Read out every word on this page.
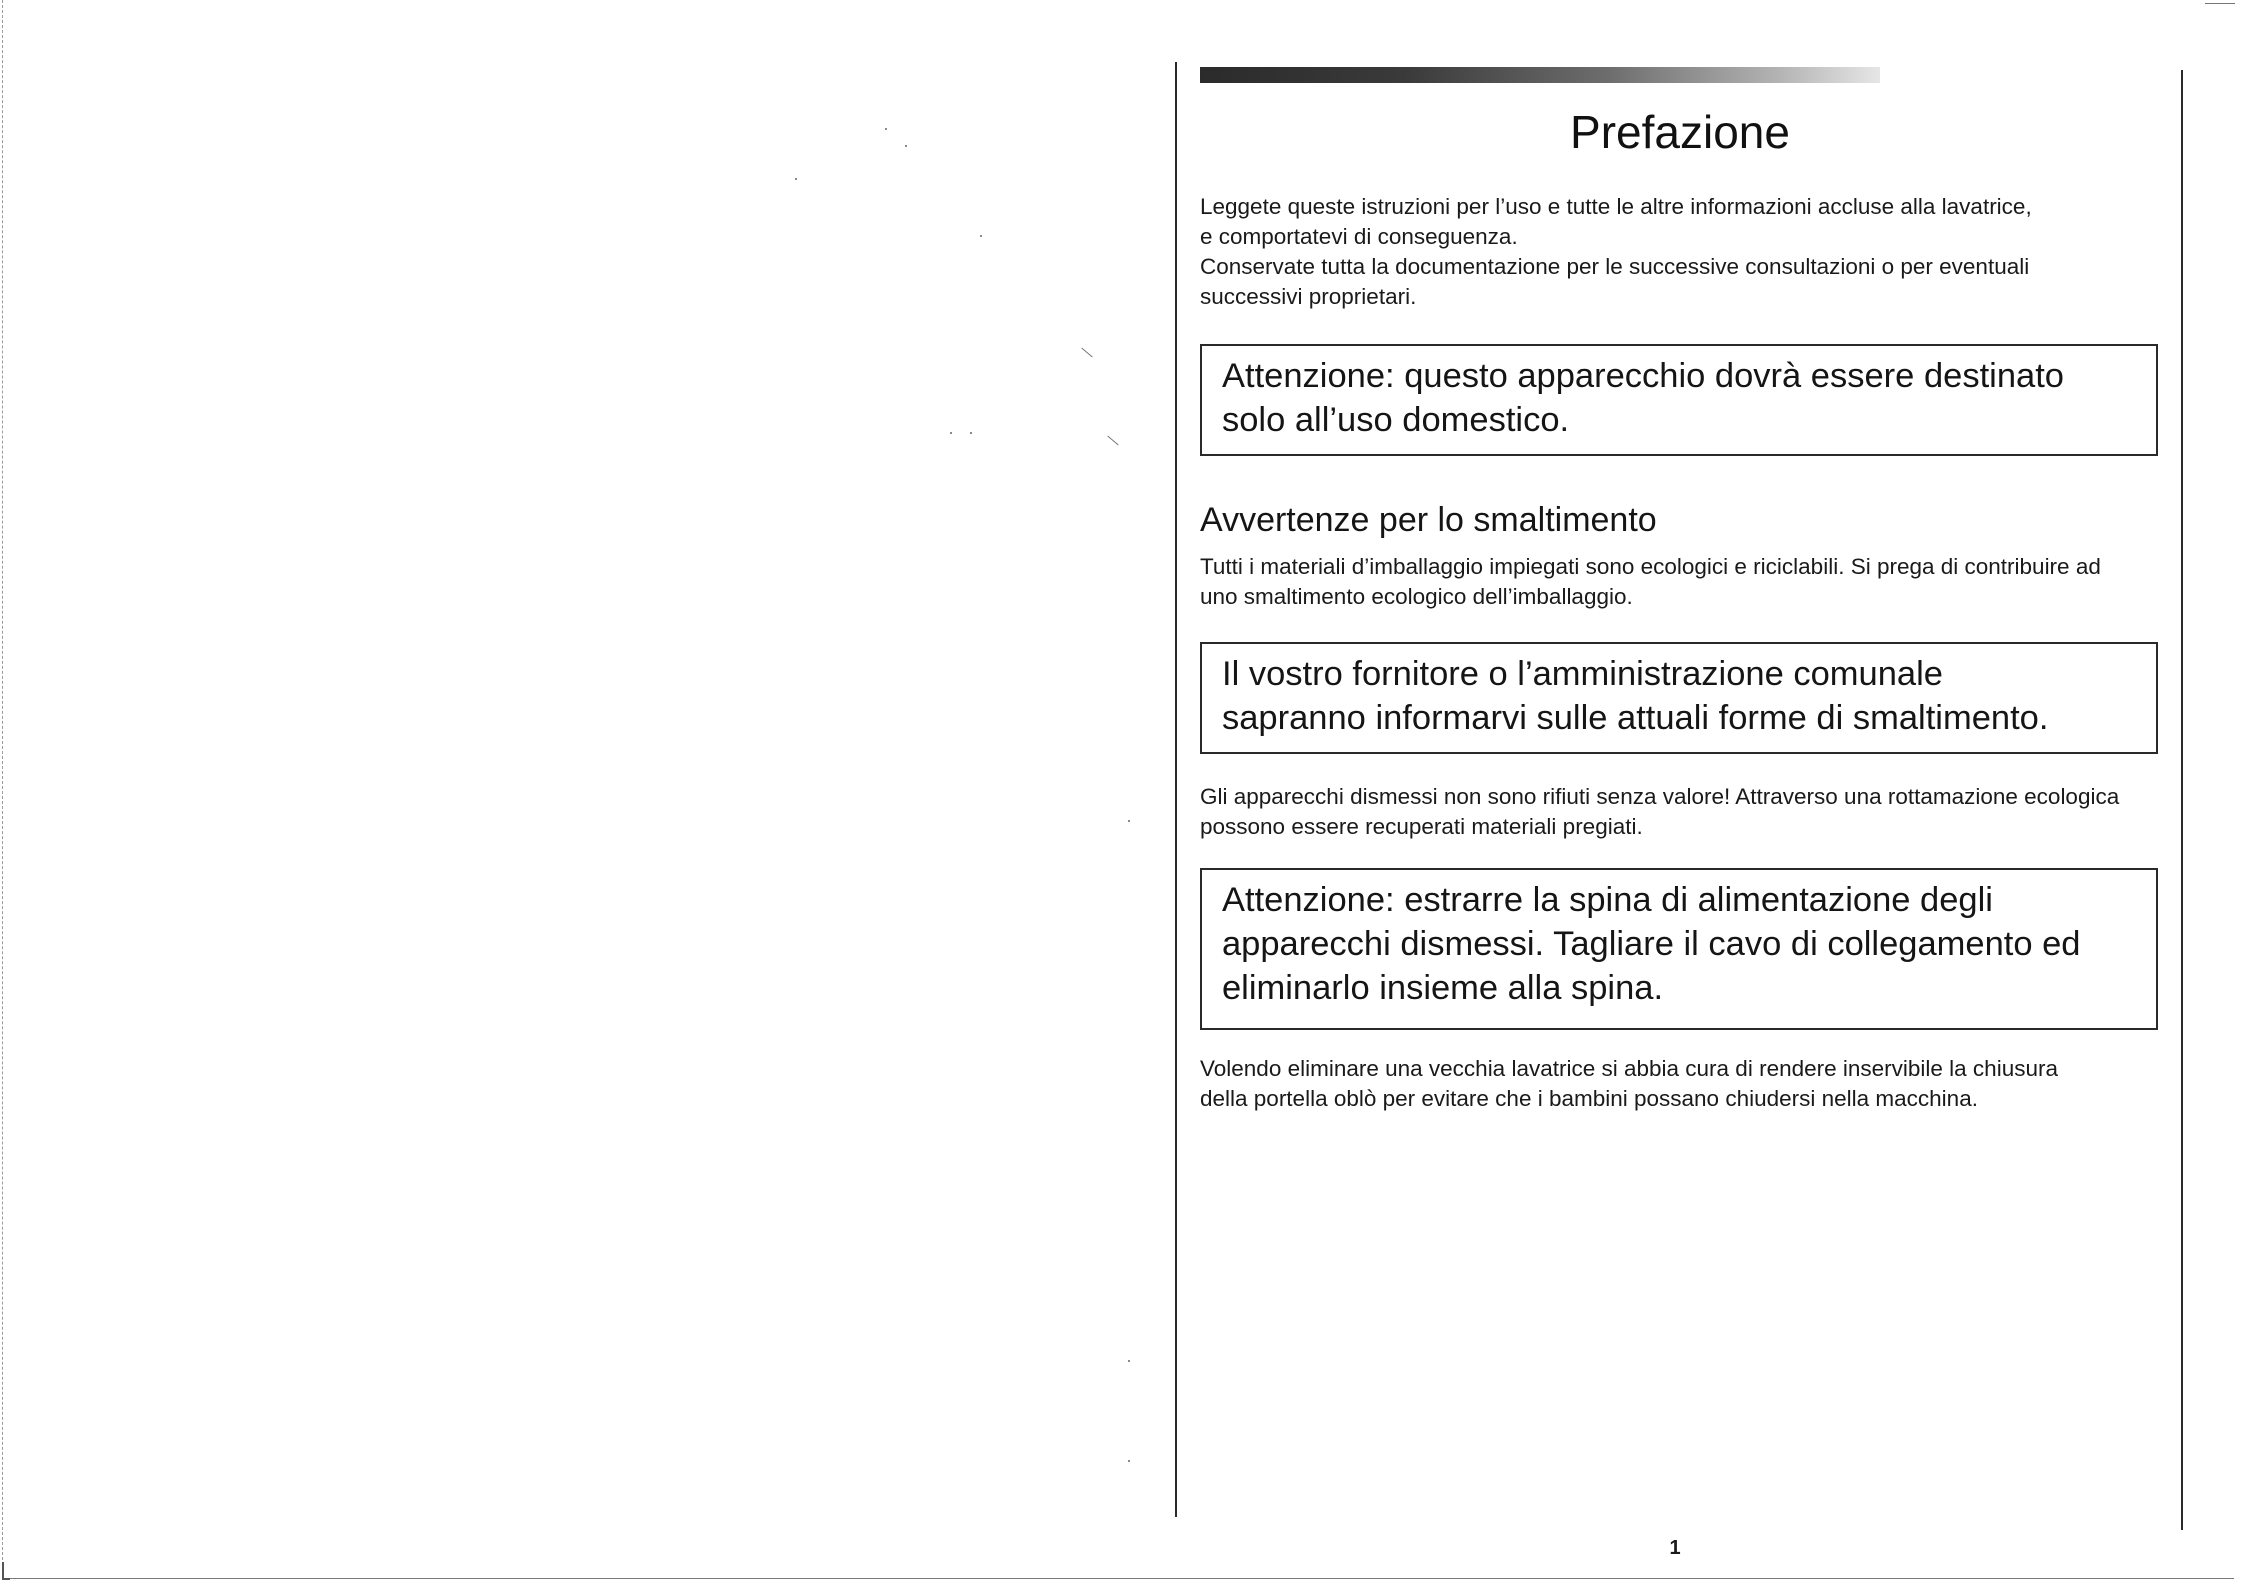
Prefazione
Leggete queste istruzioni per l’uso e tutte le altre informazioni accluse alla lavatrice,
e comportatevi di conseguenza.
Conservate tutta la documentazione per le successive consultazioni o per eventuali
successivi proprietari.
Attenzione: questo apparecchio dovrà essere destinato
solo all’uso domestico.
Avvertenze per lo smaltimento
Tutti i materiali d’imballaggio impiegati sono ecologici e riciclabili. Si prega di contribuire ad
uno smaltimento ecologico dell’imballaggio.
Il vostro fornitore o l’amministrazione comunale
sapranno informarvi sulle attuali forme di smaltimento.
Gli apparecchi dismessi non sono rifiuti senza valore! Attraverso una rottamazione ecologica
possono essere recuperati materiali pregiati.
Attenzione: estrarre la spina di alimentazione degli
apparecchi dismessi. Tagliare il cavo di collegamento ed
eliminarlo insieme alla spina.
Volendo eliminare una vecchia lavatrice si abbia cura di rendere inservibile la chiusura
della portella oblò per evitare che i bambini possano chiudersi nella macchina.
1
